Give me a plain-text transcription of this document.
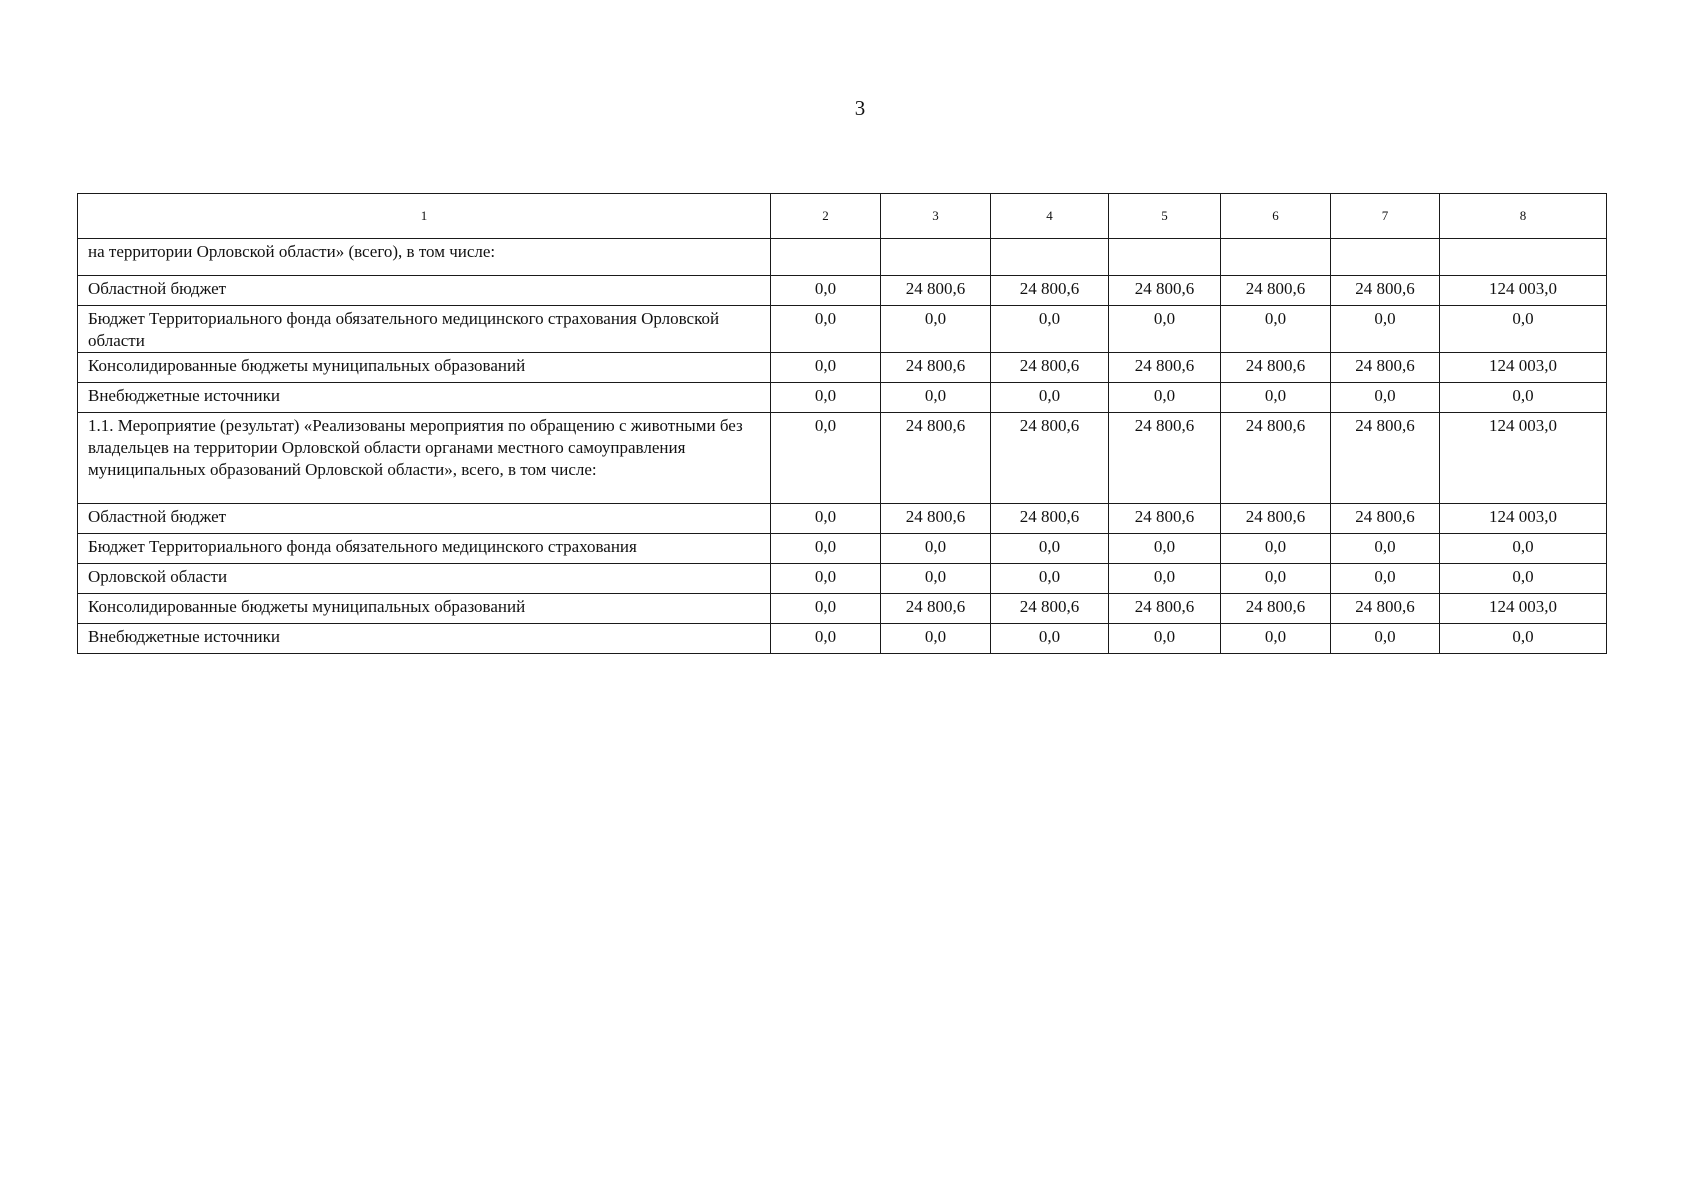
3
1	2	3	4	5	6	7	8
на территории Орловской области» (всего), в том числе:							
Областной бюджет	0,0	24 800,6	24 800,6	24 800,6	24 800,6	24 800,6	124 003,0
Бюджет Территориального фонда обязательного медицинского страхования Орловской области	0,0	0,0	0,0	0,0	0,0	0,0	0,0
Консолидированные бюджеты муниципальных образований	0,0	24 800,6	24 800,6	24 800,6	24 800,6	24 800,6	124 003,0
Внебюджетные источники	0,0	0,0	0,0	0,0	0,0	0,0	0,0
1.1. Мероприятие (результат) «Реализованы мероприятия по обращению с животными без владельцев на территории Орловской области органами местного самоуправления муниципальных образований Орловской области», всего, в том числе:	0,0	24 800,6	24 800,6	24 800,6	24 800,6	24 800,6	124 003,0
Областной бюджет	0,0	24 800,6	24 800,6	24 800,6	24 800,6	24 800,6	124 003,0
Бюджет Территориального фонда обязательного медицинского страхования	0,0	0,0	0,0	0,0	0,0	0,0	0,0
Орловской области	0,0	0,0	0,0	0,0	0,0	0,0	0,0
Консолидированные бюджеты муниципальных образований	0,0	24 800,6	24 800,6	24 800,6	24 800,6	24 800,6	124 003,0
Внебюджетные источники	0,0	0,0	0,0	0,0	0,0	0,0	0,0
